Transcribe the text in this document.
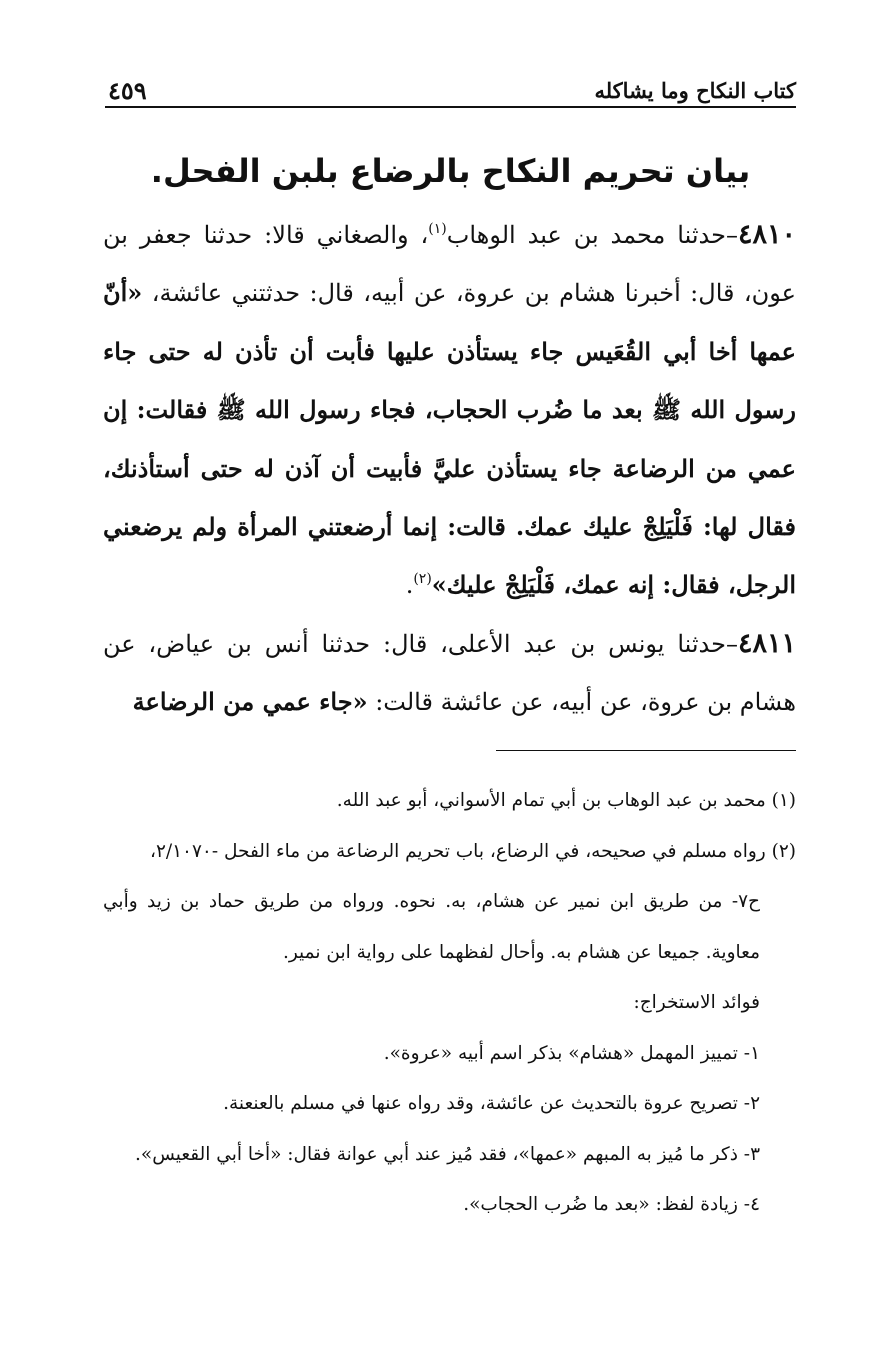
كتاب النكاح وما يشاكله
٤٥٩
بيان تحريم النكاح بالرضاع بلبن الفحل.

٤٨١٠–حدثنا محمد بن عبد الوهاب$^{(١)}$، والصغاني قالا: حدثنا جعفر بن عون، قال: أخبرنا هشام بن عروة، عن أبيه، قال: حدثتني عائشة، «أنّ عمها أخا أبي القُعَيس جاء يستأذن عليها فأبت أن تأذن له حتى جاء رسول الله ﷺ بعد ما ضُرب الحجاب، فجاء رسول الله ﷺ فقالت: إن عمي من الرضاعة جاء يستأذن عليَّ فأبيت أن آذن له حتى أستأذنك، فقال لها: فَلْيَلِجْ عليك عمك. قالت: إنما أرضعتني المرأة ولم يرضعني الرجل، فقال: إنه عمك، فَلْيَلِجْ عليك»$^{(٢)}$.

٤٨١١–حدثنا يونس بن عبد الأعلى، قال: حدثنا أنس بن عياض، عن هشام بن عروة، عن أبيه، عن عائشة قالت: «جاء عمي من الرضاعة

(١) محمد بن عبد الوهاب بن أبي تمام الأسواني، أبو عبد الله.

(٢) رواه مسلم في صحيحه، في الرضاع، باب تحريم الرضاعة من ماء الفحل -٢/١٠٧٠،

ح٧- من طريق ابن نمير عن هشام، به. نحوه. ورواه من طريق حماد بن زيد وأبي معاوية. جميعا عن هشام به. وأحال لفظهما على رواية ابن نمير.

فوائد الاستخراج:

١- تمييز المهمل «هشام» بذكر اسم أبيه «عروة».

٢- تصريح عروة بالتحديث عن عائشة، وقد رواه عنها في مسلم بالعنعنة.

٣- ذكر ما مُيز به المبهم «عمها»، فقد مُيز عند أبي عوانة فقال: «أخا أبي القعيس».

٤- زيادة لفظ: «بعد ما ضُرب الحجاب».
